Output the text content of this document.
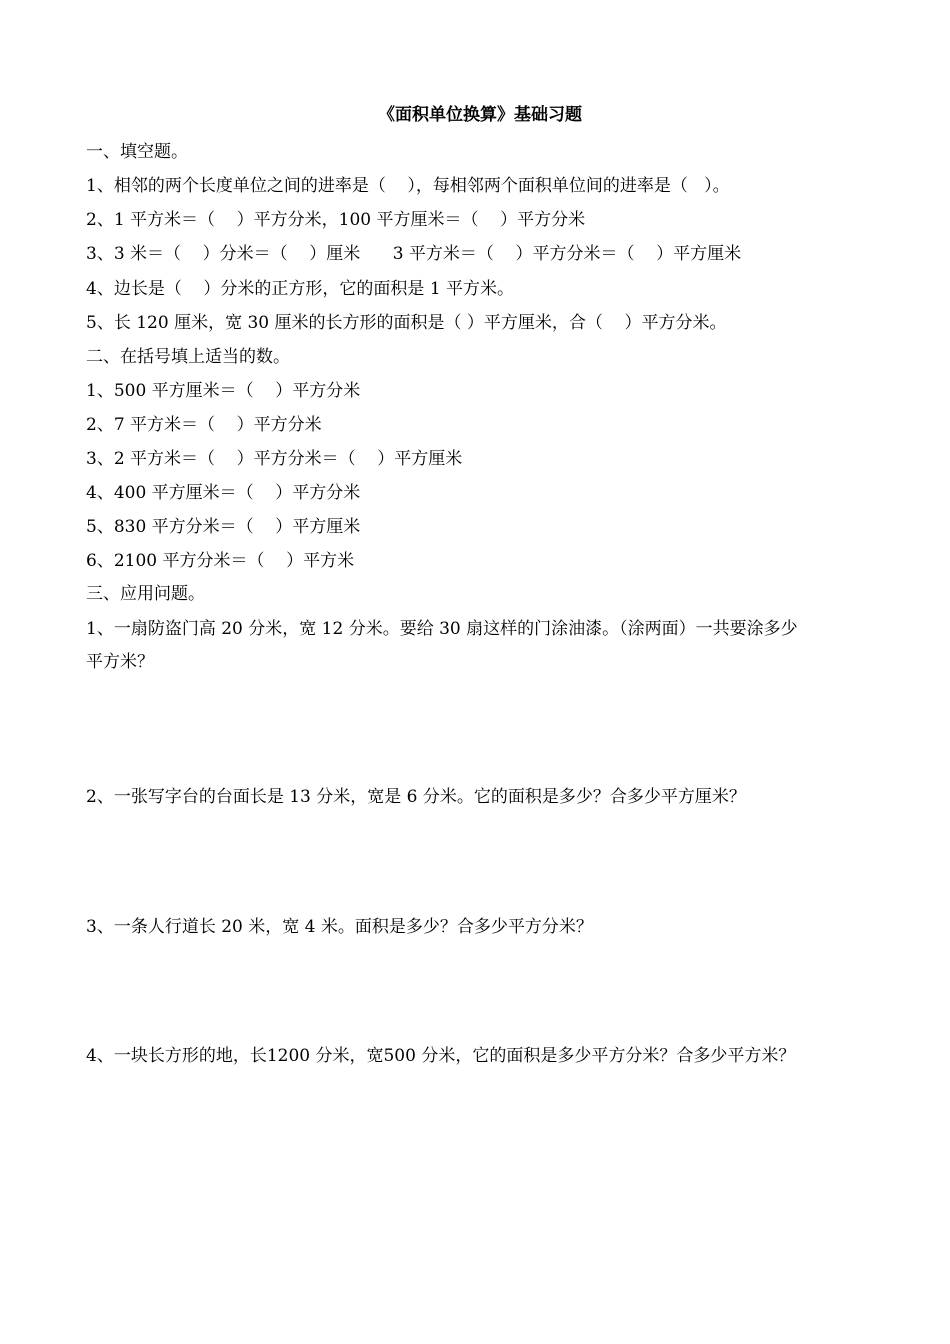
《面积单位换算》基础习题
一、填空题。
1、相邻的两个长度单位之间的进率是（    ），每相邻两个面积单位间的进率是（   ）。
2、1 平方米＝（    ）平方分米，100 平方厘米＝（    ）平方分米
3、3 米＝（    ）分米＝（    ）厘米      3 平方米＝（    ）平方分米＝（    ）平方厘米
4、边长是（    ）分米的正方形，它的面积是 1 平方米。
5、长 120 厘米，宽 30 厘米的长方形的面积是（ ）平方厘米，合（    ）平方分米。
二、在括号填上适当的数。
1、500 平方厘米＝（    ）平方分米
2、7 平方米＝（    ）平方分米
3、2 平方米＝（    ）平方分米＝（    ）平方厘米
4、400 平方厘米＝（    ）平方分米
5、830 平方分米＝（    ）平方厘米
6、2100 平方分米＝（    ）平方米
三、应用问题。
1、一扇防盗门高 20 分米，宽 12 分米。要给 30 扇这样的门涂油漆。（涂两面）一共要涂多少
平方米？
2、一张写字台的台面长是 13 分米，宽是 6 分米。它的面积是多少？合多少平方厘米？
3、一条人行道长 20 米，宽 4 米。面积是多少？合多少平方分米？
4、一块长方形的地，长1200 分米，宽500 分米，它的面积是多少平方分米？合多少平方米？
